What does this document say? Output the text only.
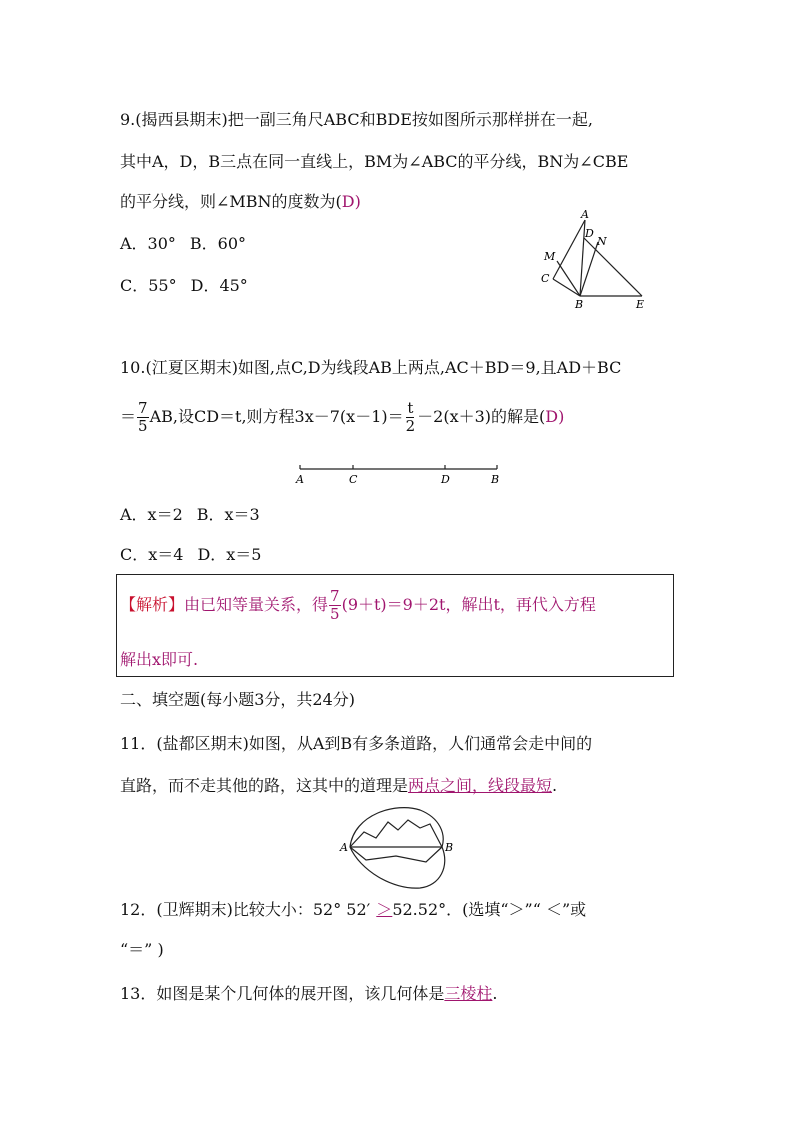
9.(揭西县期末)把一副三角尺ABC和BDE按如图所示那样拼在一起,
其中A，D，B三点在同一直线上，BM为∠ABC的平分线，BN为∠CBE
的平分线，则∠MBN的度数为(D)
A．30° B．60°
C．55° D．45°
A
D
N
M
C
B	E
10.(江夏区期末)如图,点C,D为线段AB上两点,AC＋BD＝9,且AD＋BC
＝ $\frac{7}{5}$ AB,设CD＝t,则方程$3x-7(x-1)= \frac{t}{2} -2(x+3)$的解是(D)
A	C	D	B
A．x＝2 B．x＝3
C．x＝4 D．x＝5
【解析】由已知等量关系，得 $\frac{7}{5} (9+t)=9+2t$，解出t，再代入方程
解出x即可.
二、填空题(每小题3分，共24分)
11．(盐都区期末)如图，从A到B有多条道路，人们通常会走中间的
直路，而不走其他的路，这其中的道理是两点之间，线段最短.
A	B
12．(卫辉期末)比较大小：52° 52′ ＞52.52°．(选填“＞”“ ＜”或
“＝” )
13．如图是某个几何体的展开图，该几何体是三棱柱.
